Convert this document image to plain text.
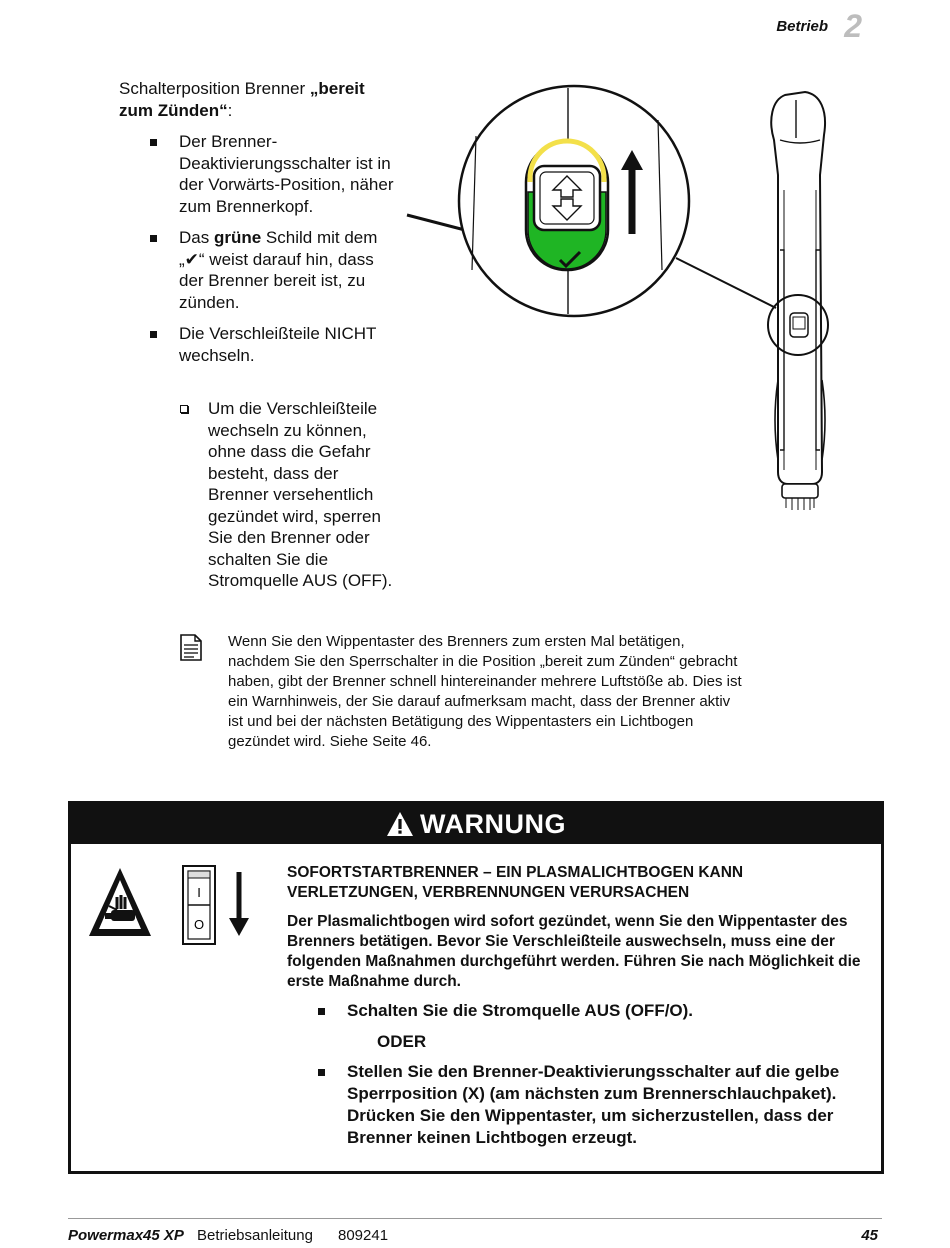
Betrieb 2

Schalterposition Brenner „bereit zum Zünden“:

Der Brenner-Deaktivierungsschalter ist in der Vorwärts-Position, näher zum Brennerkopf.
Das grüne Schild mit dem „✔“ weist darauf hin, dass der Brenner bereit ist, zu zünden.
Die Verschleißteile NICHT wechseln.
Um die Verschleißteile wechseln zu können, ohne dass die Gefahr besteht, dass der Brenner versehentlich gezündet wird, sperren Sie den Brenner oder schalten Sie die Stromquelle AUS (OFF).

Wenn Sie den Wippentaster des Brenners zum ersten Mal betätigen, nachdem Sie den Sperrschalter in die Position „bereit zum Zünden“ gebracht haben, gibt der Brenner schnell hintereinander mehrere Luftstöße ab. Dies ist ein Warnhinweis, der Sie darauf aufmerksam macht, dass der Brenner aktiv ist und bei der nächsten Betätigung des Wippentasters ein Lichtbogen gezündet wird. Siehe Seite 46.

WARNUNG
I
O

SOFORTSTARTBRENNER – EIN PLASMALICHTBOGEN KANN VERLETZUNGEN, VERBRENNUNGEN VERURSACHEN

Der Plasmalichtbogen wird sofort gezündet, wenn Sie den Wippentaster des Brenners betätigen. Bevor Sie Verschleißteile auswechseln, muss eine der folgenden Maßnahmen durchgeführt werden. Führen Sie nach Möglichkeit die erste Maßnahme durch.

Schalten Sie die Stromquelle AUS (OFF/O).
ODER
Stellen Sie den Brenner-Deaktivierungsschalter auf die gelbe Sperrposition (X) (am nächsten zum Brennerschlauchpaket). Drücken Sie den Wippentaster, um sicherzustellen, dass der Brenner keinen Lichtbogen erzeugt.
Powermax45 XP Betriebsanleitung 809241	45
